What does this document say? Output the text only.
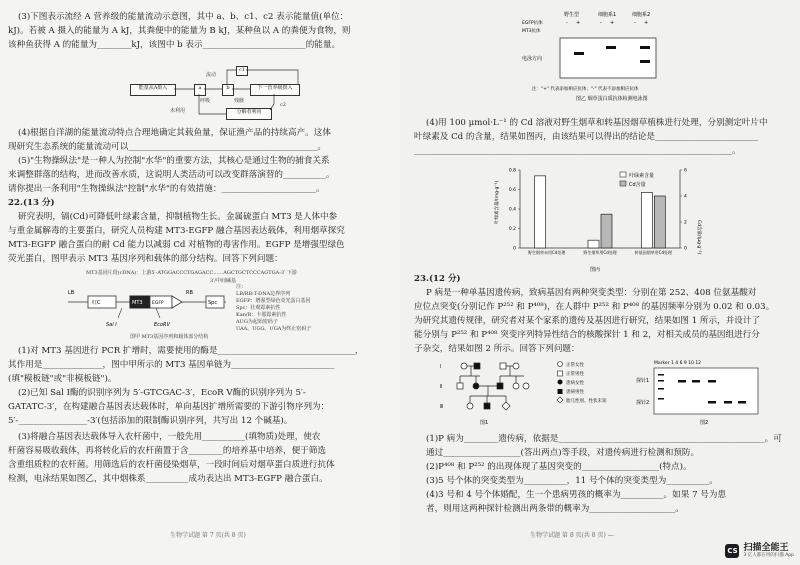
(3)下图表示流经 A 营养级的能量流动示意图，其中 a、b、c1、c2 表示能量值(单位：
kJ)。若被 A 摄入的能量为 A kJ，其粪便中的能量为 B kJ，某种鱼以 A 的粪便为食物，则
该种鱼获得 A 的能量为________kJ，该图中 b 表示________________________的能量。
能量从A摄入	a	b
c1
下一营养级摄入
分解者利用
呼吸
流动
残骸
c2
未利用
(4)根据自洋湖的能量流动特点合理地确定其载鱼量，保证渔产品的持续高产。这体
现研究生态系统的能量流动可以____________________________________________。
(5)"生物操纵法"是一种人为控制"水华"的重要方法，其核心是通过生物的捕食关系
来调整群落的结构，进而改善水质，这说明人类活动可以改变群落演替的__________。
请你提出一条利用"生物操纵法"控制"水华"的有效措施：______________________。
22.(13 分)
研究表明，镉(Cd)可降低叶绿素含量，抑制植物生长。金属硫蛋白 MT3 是人体中参
与重金属解毒的主要蛋白，研究人员构建 MT3-EGFP 融合基因表达载体，利用烟草探究
MT3-EGFP 融合蛋白的耐 Cd 能力以减弱 Cd 对植物的毒害作用。EGFP 是增强型绿色
荧光蛋白，图甲表示 MT3 基因序列和载体的部分结构。回答下列问题：
MT3基因片段(cDNA)：上游5′-ATGGACCCTGAGACC……AGCTGCTCCCAGTGA-3′ 下游
3′/中间碱基
LB
红C	MT3 EGFP
RB
Spc
Sal I	EcoRV
注：
LB/RB:T-DNA边界序列
EGFP：增强型绿色荧光蛋白基因
Spc：壮观霉素抗性
Kan/R：卡那霉素抗性
AUG为起始密码子
UAA、UGG、UGA为终止密码子
图甲 MT3基因序列和载体部分结构
(1)对 MT3 基因进行 PCR 扩增时，需要使用的酶是________________________________，
其作用是______________，图中甲所示的 MT3 基因单链为________________________
(填"模板链"或"非模板链")。
(2)已知 Sal Ⅰ酶的识别序列为 5′-GTCGAC-3′，EcoR Ⅴ酶的识别序列为 5′-
GATATC-3′，在构建融合基因表达载体时，单向基因扩增所需要的下游引物序列为：
5′-________________-3′(包括添加的限制酶识别序列，共写出 12 个碱基)。
(3)将融合基因表达载体导入农杆菌中，一般先用__________(填物质)处理，使农
杆菌容易吸收载体，再将转化后的农杆菌置于含________的培养基中培养，便于筛选
含重组质粒的农杆菌。用筛选后的农杆菌侵染烟草，一段时间后对烟草蛋白质进行抗体
检测，电泳结果如图乙，其中烟株系__________成功表达出 MT3-EGFP 融合蛋白。
生物学试题 第 7 页(共 8 页)
野生型	细胞系1	细胞系2
EGFP抗体
MT3抗体
- +	- +	- +
电泳方向
注："+" 代表添加相应抗体；"-" 代表不添加相应抗体
图乙 烟草蛋白质抗体检测电泳图
(4)用 100 μmol·L⁻¹ 的 Cd 溶液对野生烟草和转基因烟草植株进行处理，分别测定叶片中
叶绿素及 Cd 的含量，结果如图丙，由该结果可以得出的结论是________________________
__________________________________________________________________________。
叶绿素含量/(mg·g⁻¹)
Cd含量/(μg·g⁻¹)
0
0.2
0.4
0.6
0.8
0
2
4
6
野生烟草未用Cd处理	野生烟草用Cd处理	转基因烟草用Cd处理
叶绿素含量
Cd含量
图丙
23.(12 分)
P 病是一种单基因遗传病，致病基因有两种突变类型：分别在第 252、408 位氨基酸对
应位点突变(分别记作 P²⁵² 和 P⁴⁰⁸)，在人群中 P²⁵² 和 P⁴⁰⁸ 的基因频率分别为 0.02 和 0.03。
为研究其遗传规律，研究者对某个家系的遗传及基因进行研究，结果如图 1 所示，并设计了
能分别与 P²⁵² 和 P⁴⁰⁸ 突变序列特异性结合的核酸探针 1 和 2，对相关成员的基因组进行分
子杂交，结果如图 2 所示。回答下列问题：
Ⅰ
Ⅱ
Ⅲ
图1
正常女性
正常男性
患病女性
患病男性
胎儿性别、性状未知
Marker 1 4 6 9 10 12
探针1
探针2
图2
(1)P 病为________遗传病，依据是________________________________________________。可
通过__________________(答出两点)等手段，对遗传病进行检测和预防。
(2)P⁴⁰⁸ 和 P²⁵² 的出现体现了基因突变的__________________(特点)。
(3)5 号个体的突变类型为__________，11 号个体的突变类型为__________。
(4)3 号和 4 号个体婚配，生一个患病男孩的概率为__________。如果 7 号为患
者，则用这两种探针检测出两条带的概率为____________________。
生物学试题 第 8 页(共 8 页) —
CS 扫描全能王
3 亿人都在用的扫描 App
